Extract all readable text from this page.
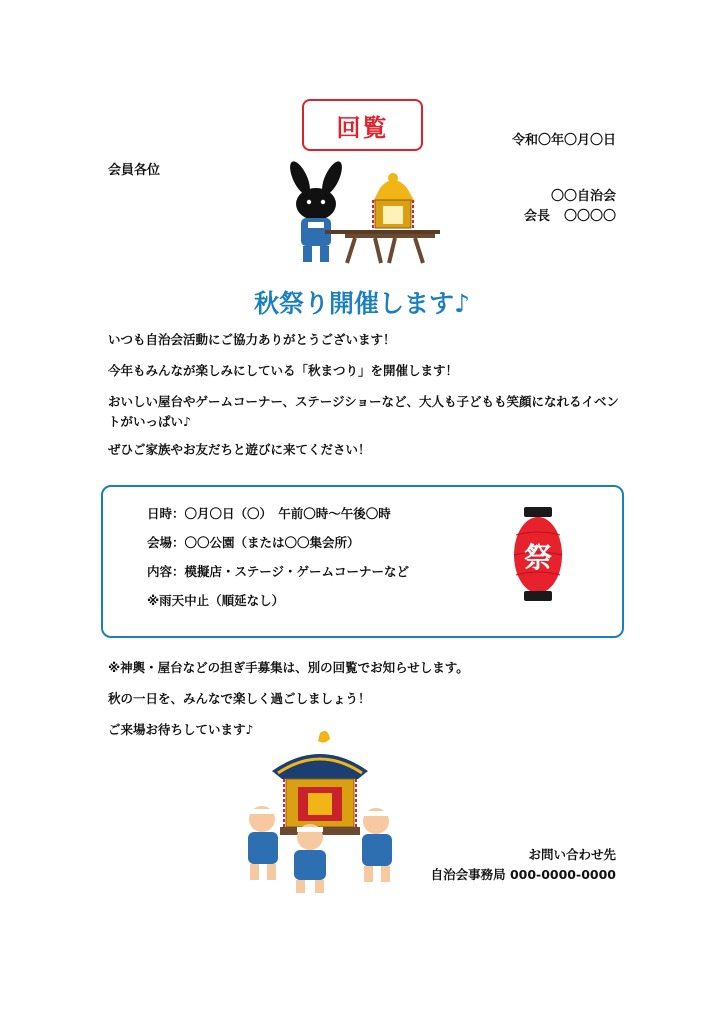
回覧	令和〇年〇月〇日
会員各位
〇〇自治会
会長 〇〇〇〇
秋祭り開催します♪
いつも自治会活動にご協力ありがとうございます！
今年もみんなが楽しみにしている「秋まつり」を開催します！
おいしい屋台やゲームコーナー、ステージショーなど、大人も子どもも笑顔になれるイベントがいっぱい♪
ぜひご家族やお友だちと遊びに来てください！
日時：〇月〇日（〇）　午前〇時～午後〇時
会場：〇〇公園（または〇〇集会所）
内容：模擬店・ステージ・ゲームコーナーなど
※雨天中止（順延なし）
祭
※神輿・屋台などの担ぎ手募集は、別の回覧でお知らせします。
秋の一日を、みんなで楽しく過ごしましょう！
ご来場お待ちしています♪
お問い合わせ先
自治会事務局 000-0000-0000
